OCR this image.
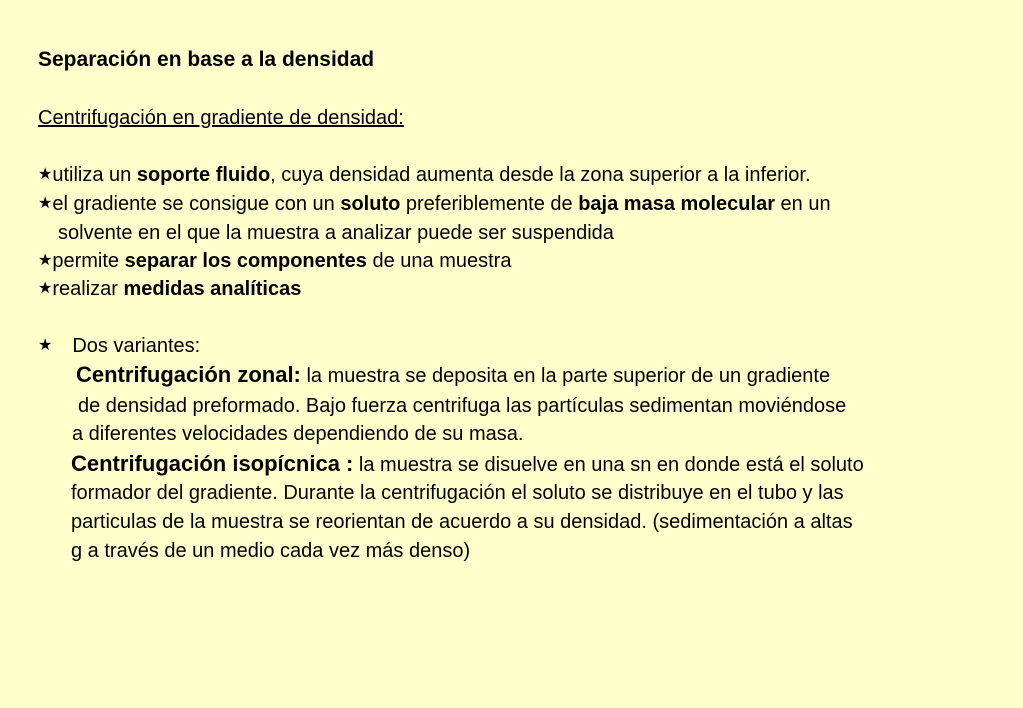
Separación en base a la densidad
Centrifugación en gradiente de densidad:
★utiliza un soporte fluido, cuya densidad aumenta desde la zona superior a la inferior.
★el gradiente se consigue con un soluto preferiblemente de baja masa molecular en un
solvente en el que la muestra a analizar puede ser suspendida
★permite separar los componentes de una muestra
★realizar medidas analíticas
★ Dos variantes:
Centrifugación zonal: la muestra se deposita en la parte superior de un gradiente
de densidad preformado. Bajo fuerza centrifuga las partículas sedimentan moviéndose
a diferentes velocidades dependiendo de su masa.
Centrifugación isopícnica : la muestra se disuelve en una sn en donde está el soluto
formador del gradiente. Durante la centrifugación el soluto se distribuye en el tubo y las
particulas de la muestra se reorientan de acuerdo a su densidad. (sedimentación a altas
g a través de un medio cada vez más denso)
